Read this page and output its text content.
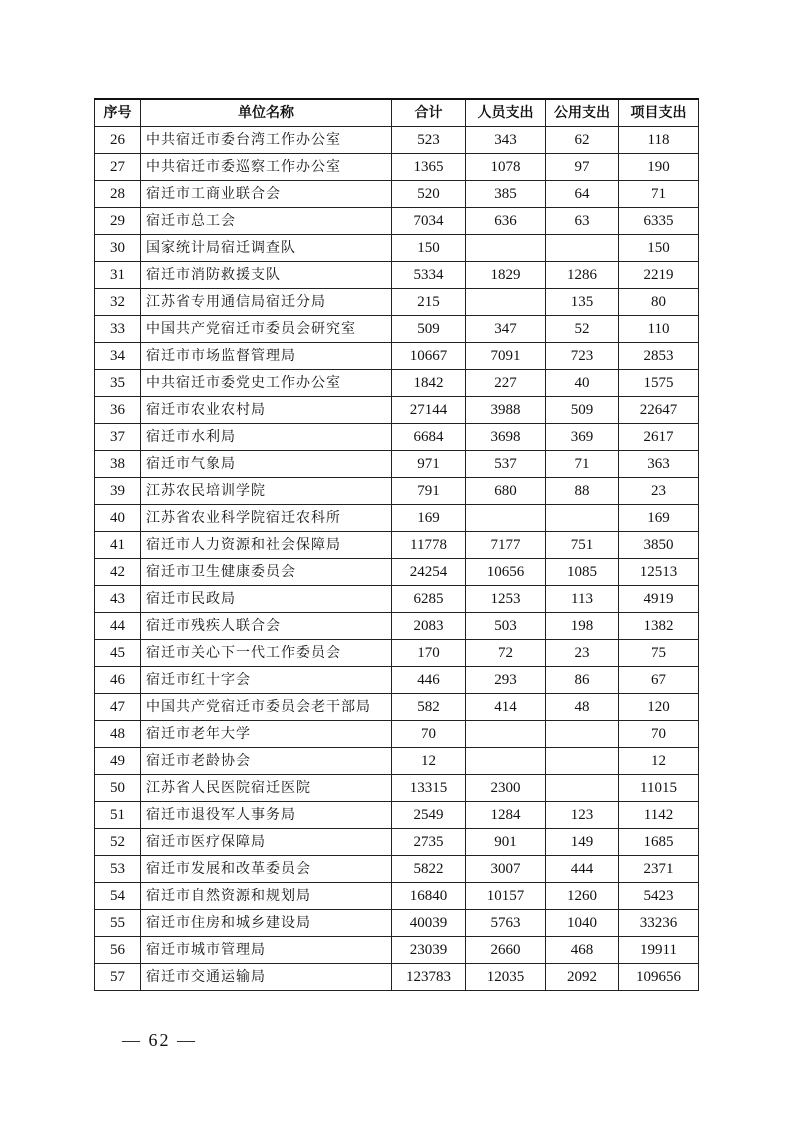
序号	单位名称	合计	人员支出	公用支出	项目支出
26	中共宿迁市委台湾工作办公室	523	343	62	118
27	中共宿迁市委巡察工作办公室	1365	1078	97	190
28	宿迁市工商业联合会	520	385	64	71
29	宿迁市总工会	7034	636	63	6335
30	国家统计局宿迁调查队	150			150
31	宿迁市消防救援支队	5334	1829	1286	2219
32	江苏省专用通信局宿迁分局	215		135	80
33	中国共产党宿迁市委员会研究室	509	347	52	110
34	宿迁市市场监督管理局	10667	7091	723	2853
35	中共宿迁市委党史工作办公室	1842	227	40	1575
36	宿迁市农业农村局	27144	3988	509	22647
37	宿迁市水利局	6684	3698	369	2617
38	宿迁市气象局	971	537	71	363
39	江苏农民培训学院	791	680	88	23
40	江苏省农业科学院宿迁农科所	169			169
41	宿迁市人力资源和社会保障局	11778	7177	751	3850
42	宿迁市卫生健康委员会	24254	10656	1085	12513
43	宿迁市民政局	6285	1253	113	4919
44	宿迁市残疾人联合会	2083	503	198	1382
45	宿迁市关心下一代工作委员会	170	72	23	75
46	宿迁市红十字会	446	293	86	67
47	中国共产党宿迁市委员会老干部局	582	414	48	120
48	宿迁市老年大学	70			70
49	宿迁市老龄协会	12			12
50	江苏省人民医院宿迁医院	13315	2300		11015
51	宿迁市退役军人事务局	2549	1284	123	1142
52	宿迁市医疗保障局	2735	901	149	1685
53	宿迁市发展和改革委员会	5822	3007	444	2371
54	宿迁市自然资源和规划局	16840	10157	1260	5423
55	宿迁市住房和城乡建设局	40039	5763	1040	33236
56	宿迁市城市管理局	23039	2660	468	19911
57	宿迁市交通运输局	123783	12035	2092	109656
— 62 —
